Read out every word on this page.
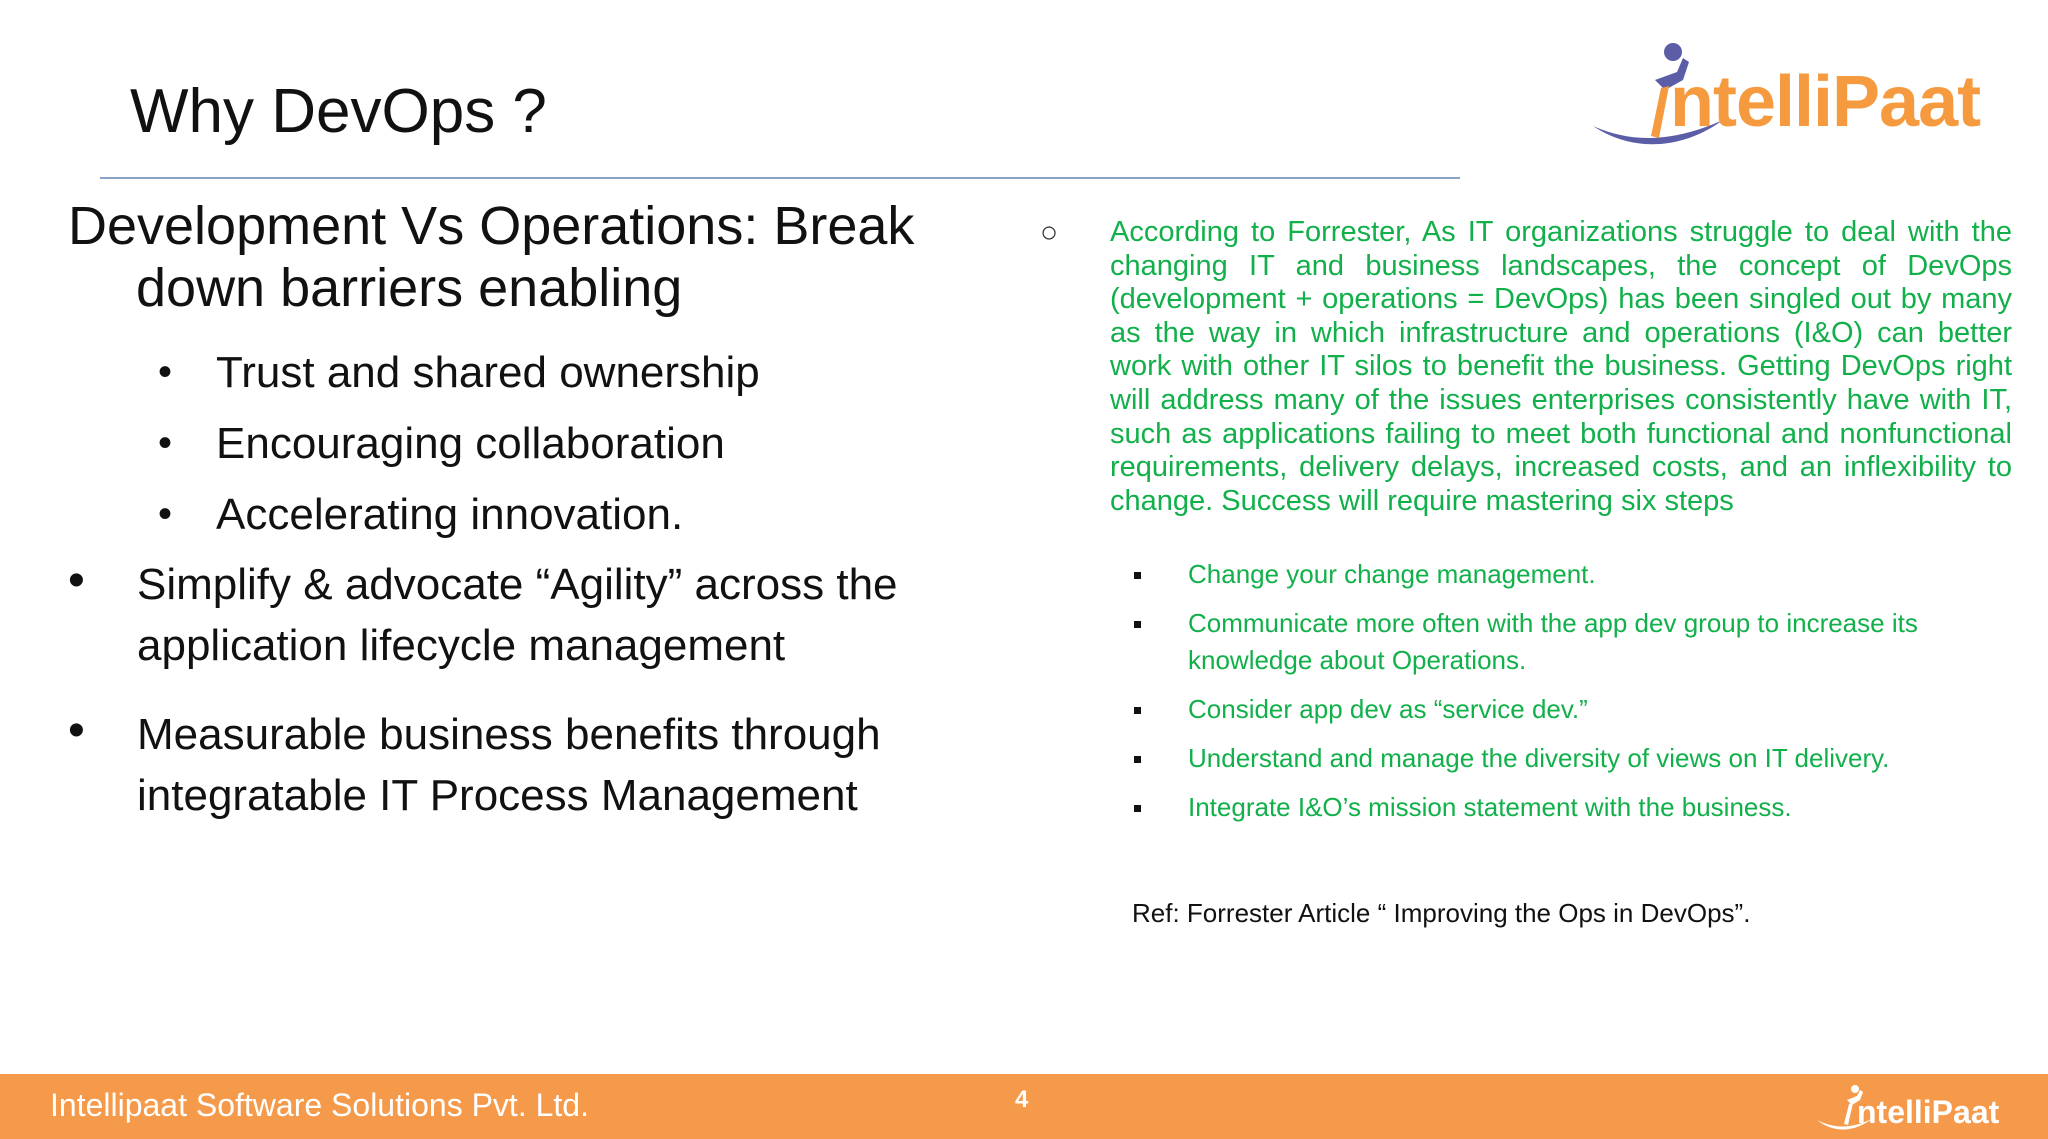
Why DevOps ?	ntelliPaat

Development Vs Operations: Break down barriers enabling

• Trust and shared ownership
• Encouraging collaboration
• Accelerating innovation.
• Simplify & advocate “Agility” across the application lifecycle management
• Measurable business benefits through integratable IT Process Management
○ According to Forrester, As IT organizations struggle to deal with the changing IT and business landscapes, the concept of DevOps (development + operations = DevOps) has been singled out by many as the way in which infrastructure and operations (I&O) can better work with other IT silos to benefit the business. Getting DevOps right will address many of the issues enterprises consistently have with IT, such as applications failing to meet both functional and nonfunctional requirements, delivery delays, increased costs, and an inflexibility to change. Success will require mastering six steps

Change your change management.
Communicate more often with the app dev group to increase its knowledge about Operations.
Consider app dev as “service dev.”
Understand and manage the diversity of views on IT delivery.
Integrate I&O’s mission statement with the business.

Ref: Forrester Article “ Improving the Ops in DevOps”.

Intellipaat Software Solutions Pvt. Ltd.	4	ntelliPaat
